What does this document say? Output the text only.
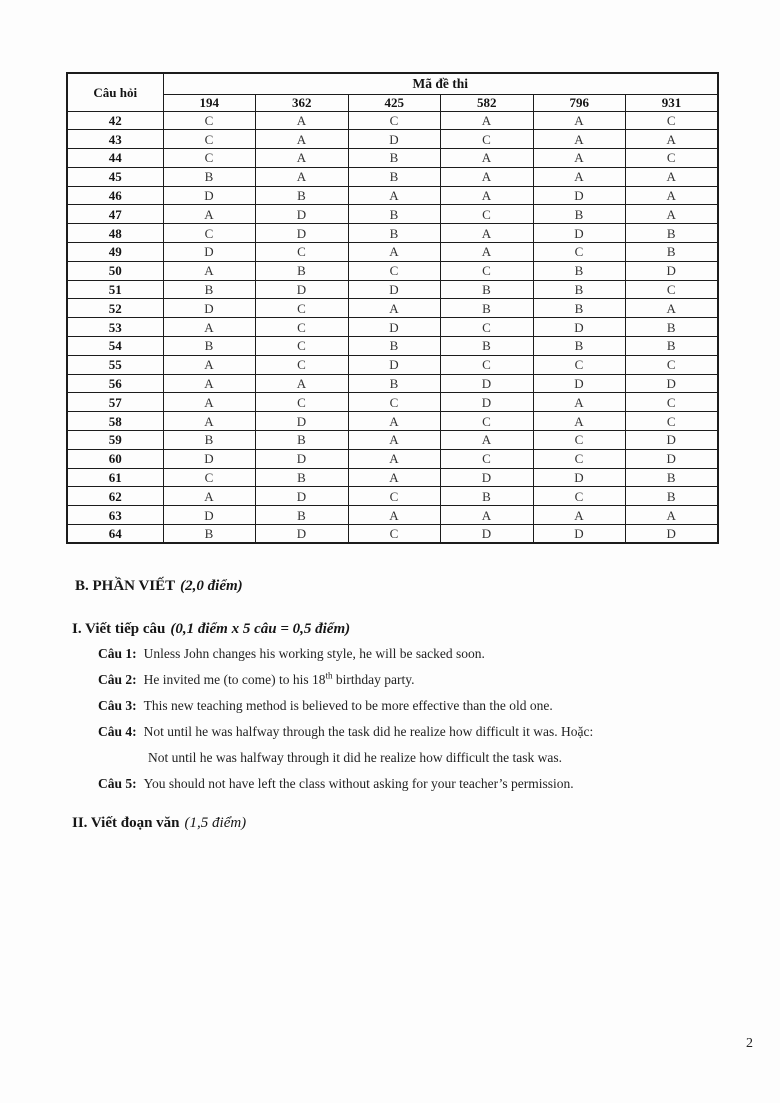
Câu hỏi	Mã đề thi					
	194	362	425	582	796	931
42	C	A	C	A	A	C
43	C	A	D	C	A	A
44	C	A	B	A	A	C
45	B	A	B	A	A	A
46	D	B	A	A	D	A
47	A	D	B	C	B	A
48	C	D	B	A	D	B
49	D	C	A	A	C	B
50	A	B	C	C	B	D
51	B	D	D	B	B	C
52	D	C	A	B	B	A
53	A	C	D	C	D	B
54	B	C	B	B	B	B
55	A	C	D	C	C	C
56	A	A	B	D	D	D
57	A	C	C	D	A	C
58	A	D	A	C	A	C
59	B	B	A	A	C	D
60	D	D	A	C	C	D
61	C	B	A	D	D	B
62	A	D	C	B	C	B
63	D	B	A	A	A	A
64	B	D	C	D	D	D
B. PHẦN VIẾT (2,0 điểm)
I. Viết tiếp câu (0,1 điểm x 5 câu = 0,5 điểm)
Câu 1: Unless John changes his working style, he will be sacked soon.
Câu 2: He invited me (to come) to his 18th birthday party.
Câu 3: This new teaching method is believed to be more effective than the old one.
Câu 4: Not until he was halfway through the task did he realize how difficult it was. Hoặc:
Not until he was halfway through it did he realize how difficult the task was.
Câu 5: You should not have left the class without asking for your teacher’s permission.
II. Viết đoạn văn (1,5 điểm)
2
